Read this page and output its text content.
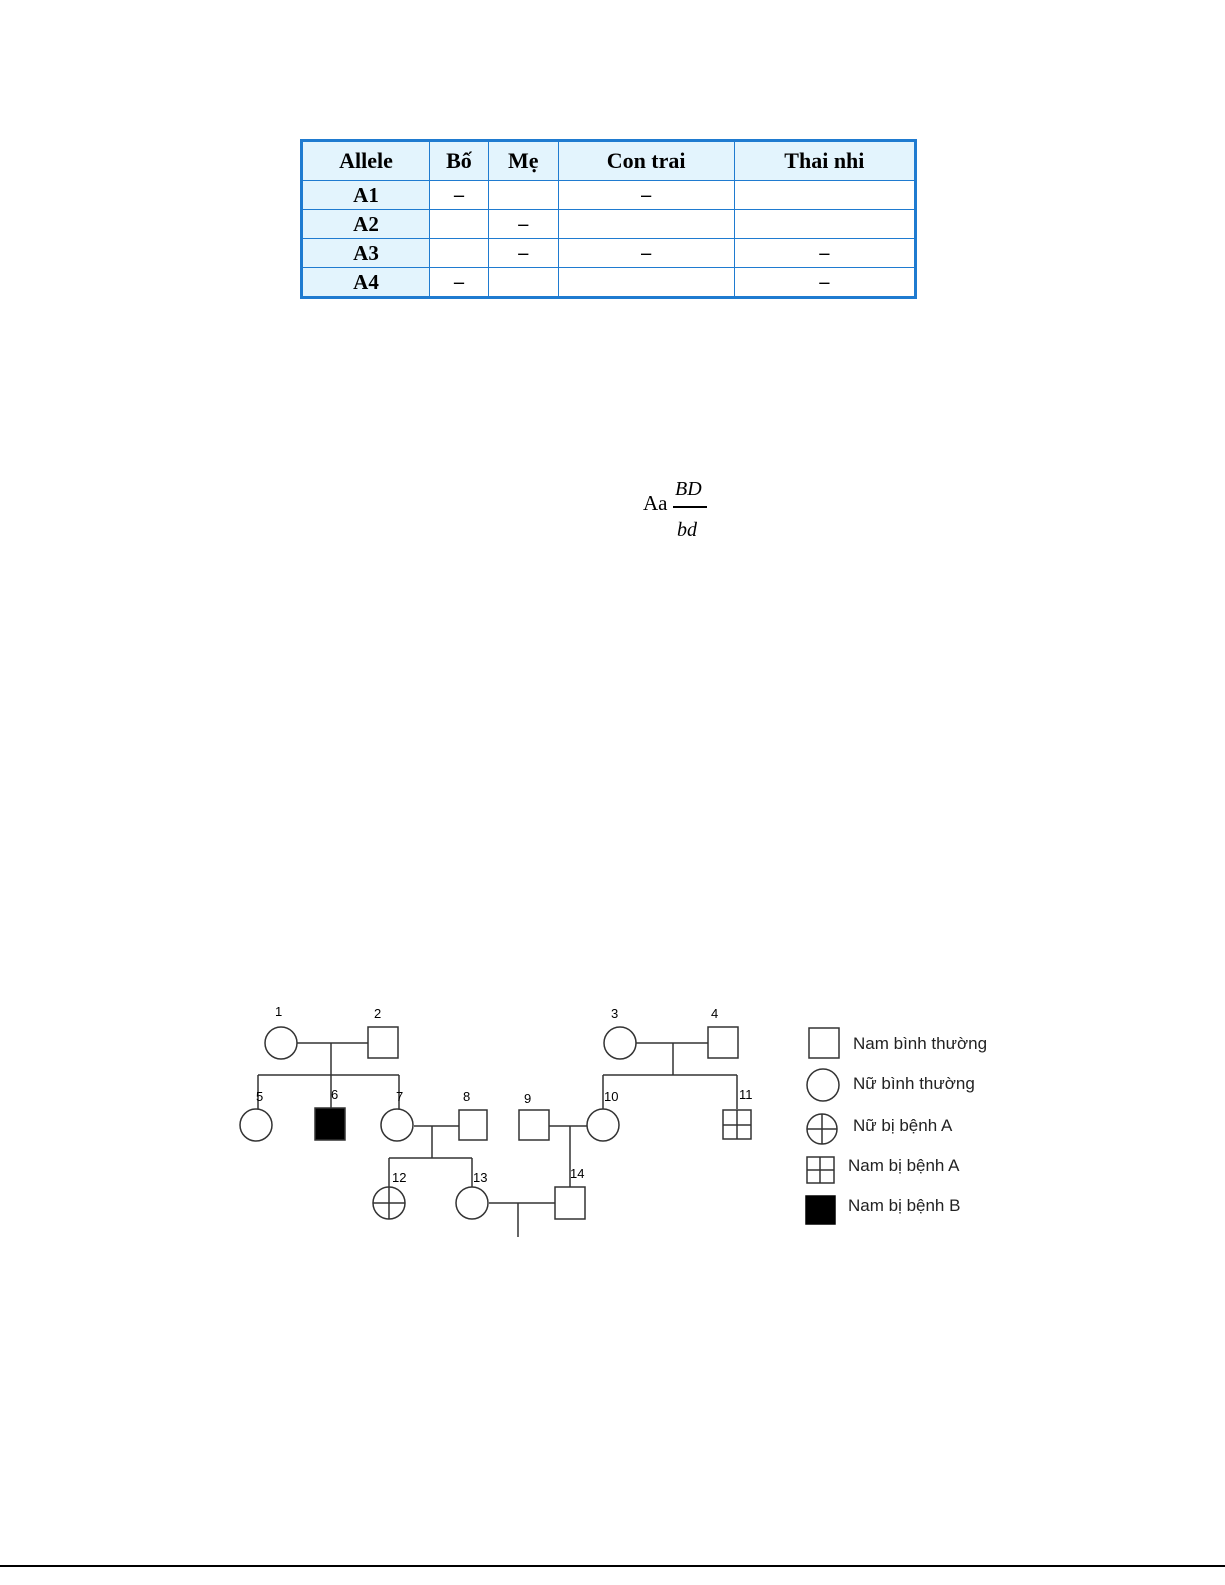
Allele	Bố	Mẹ	Con trai	Thai nhi
A1	–		–	
A2		–		
A3		–	–	–
A4	–			–
Aa
BD
bd
1	2	3	4
5	6	7	8	9	10	11
12	13	14
Nam bình thường
Nữ bình thường
Nữ bị bệnh A
Nam bị bệnh A
Nam bị bệnh B
